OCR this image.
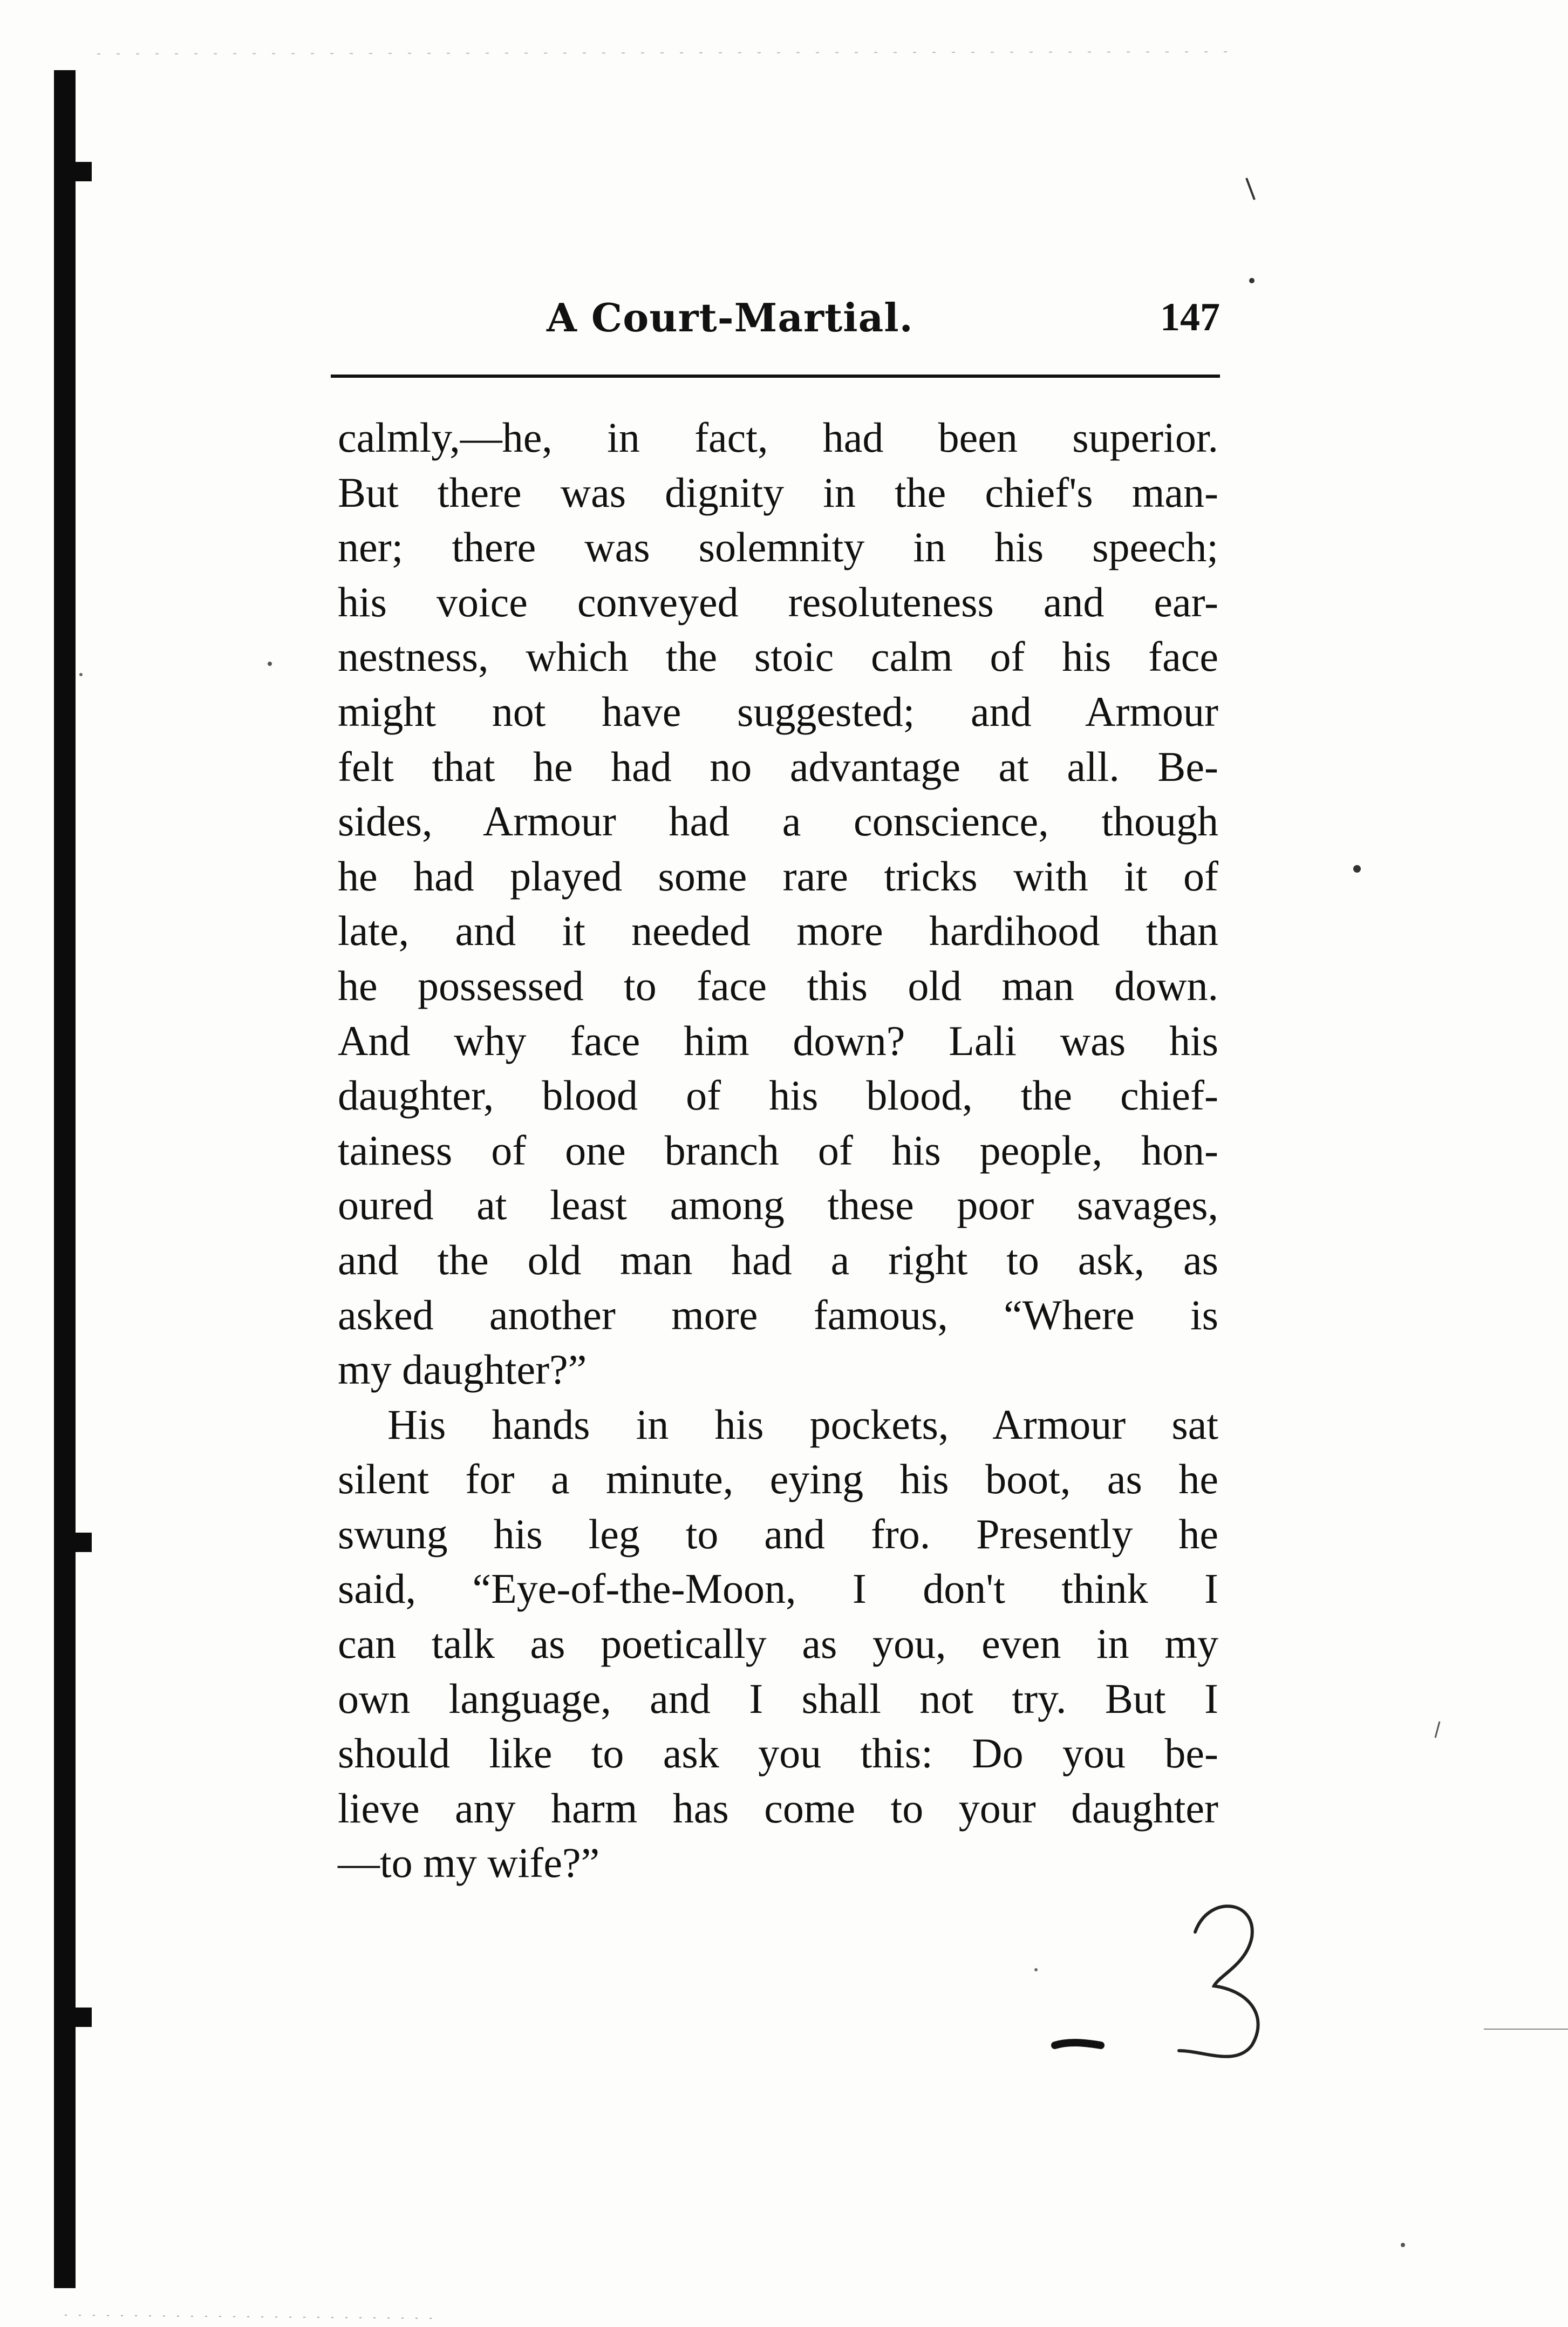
A Court-Martial.	147
calmly,—he, in fact, had been superior.
But there was dignity in the chief's man-
ner; there was solemnity in his speech;
his voice conveyed resoluteness and ear-
nestness, which the stoic calm of his face
might not have suggested; and Armour
felt that he had no advantage at all. Be-
sides, Armour had a conscience, though
he had played some rare tricks with it of
late, and it needed more hardihood than
he possessed to face this old man down.
And why face him down? Lali was his
daughter, blood of his blood, the chief-
tainess of one branch of his people, hon-
oured at least among these poor savages,
and the old man had a right to ask, as
asked another more famous, “Where is
my daughter?”
His hands in his pockets, Armour sat
silent for a minute, eying his boot, as he
swung his leg to and fro. Presently he
said, “Eye-of-the-Moon, I don't think I
can talk as poetically as you, even in my
own language, and I shall not try. But I
should like to ask you this: Do you be-
lieve any harm has come to your daughter
—to my wife?”
